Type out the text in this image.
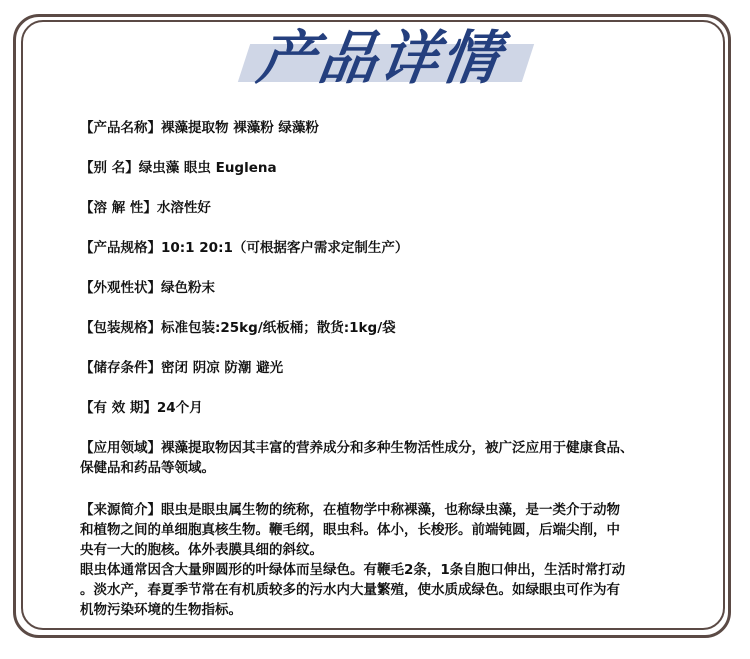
产品详情

【产品名称】裸藻提取物 裸藻粉 绿藻粉

【别 名】绿虫藻 眼虫 Euglena

【溶 解 性】水溶性好

【产品规格】10:1 20:1（可根据客户需求定制生产）

【外观性状】绿色粉末

【包装规格】标准包装:25kg/纸板桶；散货:1kg/袋

【储存条件】密闭 阴凉 防潮 避光

【有 效 期】24个月

【应用领域】裸藻提取物因其丰富的营养成分和多种生物活性成分，被广泛应用于健康食品、
保健品和药品等领域。

【来源简介】眼虫是眼虫属生物的统称，在植物学中称裸藻，也称绿虫藻，是一类介于动物
和植物之间的单细胞真核生物。鞭毛纲，眼虫科。体小，长梭形。前端钝圆，后端尖削，中
央有一大的胞核。体外表膜具细的斜纹。
眼虫体通常因含大量卵圆形的叶绿体而呈绿色。有鞭毛2条，1条自胞口伸出，生活时常打动
。淡水产，春夏季节常在有机质较多的污水内大量繁殖，使水质成绿色。如绿眼虫可作为有
机物污染环境的生物指标。
